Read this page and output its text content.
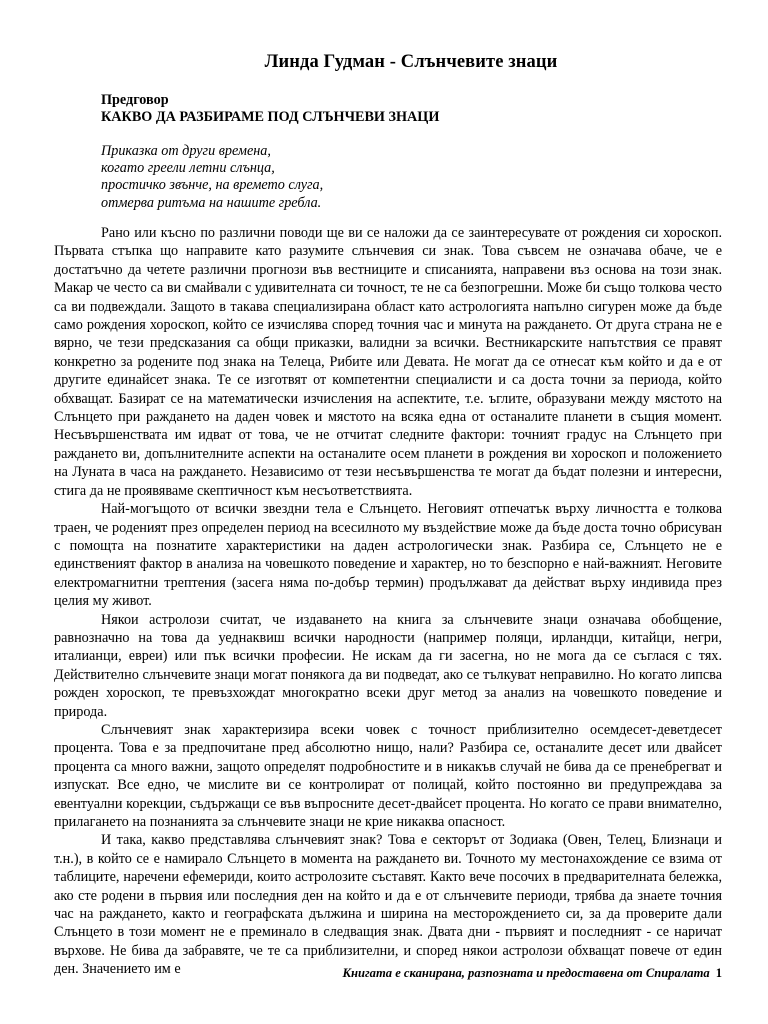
Линда Гудман - Слънчевите знаци
Предговор
КАКВО ДА РАЗБИРАМЕ ПОД СЛЪНЧЕВИ ЗНАЦИ
Приказка от други времена,
когато греели летни слънца,
простичко звънче, на времето слуга,
отмерва ритъма на нашите гребла.

Рано или късно по различни поводи ще ви се наложи да се заинтересувате от рождения си хороскоп. Първата стъпка що направите като разумите слънчевия си знак. Това съвсем не означава обаче, че е достатъчно да четете различни прогнози във вестниците и списанията, направени въз основа на този знак. Макар че често са ви смайвали с удивителната си точност, те не са безпогрешни. Може би също толкова често са ви подвеждали. Защото в такава специализирана област като астрологията напълно сигурен може да бъде само рождения хороскоп, който се изчислява според точния час и минута на раждането. От друга страна не е вярно, че тези предсказания са общи приказки, валидни за всички. Вестникарските напътствия се правят конкретно за родените под знака на Телеца, Рибите или Девата. Не могат да се отнесат към който и да е от другите единайсет знака. Те се изготвят от компетентни специалисти и са доста точни за периода, който обхващат. Базират се на математически изчисления на аспектите, т.е. ъглите, образувани между мястото на Слънцето при раждането на даден човек и мястото на всяка една от останалите планети в същия момент. Несъвършенствата им идват от това, че не отчитат следните фактори: точният градус на Слънцето при раждането ви, допълнителните аспекти на останалите осем планети в рождения ви хороскоп и положението на Луната в часа на раждането. Независимо от тези несъвършенства те могат да бъдат полезни и интересни, стига да не проявяваме скептичност към несъответствията.

Най-могъщото от всички звездни тела е Слънцето. Неговият отпечатък върху личността е толкова траен, че роденият през определен период на всесилното му въздействие може да бъде доста точно обрисуван с помощта на познатите характеристики на даден астрологически знак. Разбира се, Слънцето не е единственият фактор в анализа на човешкото поведение и характер, но то безспорно е най-важният. Неговите електромагнитни трептения (засега няма по-добър термин) продължават да действат върху индивида през целия му живот.

Някои астролози считат, че издаването на книга за слънчевите знаци означава обобщение, равнозначно на това да уеднаквиш всички народности (например поляци, ирландци, китайци, негри, италианци, евреи) или пък всички професии. Не искам да ги засегна, но не мога да се съглася с тях. Действително слънчевите знаци могат понякога да ви подведат, ако се тълкуват неправилно. Но когато липсва рожден хороскоп, те превъзхождат многократно всеки друг метод за анализ на човешкото поведение и природа.

Слънчевият знак характеризира всеки човек с точност приблизително осемдесет-деветдесет процента. Това е за предпочитане пред абсолютно нищо, нали? Разбира се, останалите десет или двайсет процента са много важни, защото определят подробностите и в никакъв случай не бива да се пренебрегват и изпускат. Все едно, че мислите ви се контролират от полицай, който постоянно ви предупреждава за евентуални корекции, съдържащи се във въпросните десет-двайсет процента. Но когато се прави внимателно, прилагането на познанията за слънчевите знаци не крие никаква опасност.

И така, какво представлява слънчевият знак? Това е секторът от Зодиака (Овен, Телец, Близнаци и т.н.), в който се е намирало Слънцето в момента на раждането ви. Точното му местонахождение се взима от таблиците, наречени ефемериди, които астролозите съставят. Както вече посочих в предварителната бележка, ако сте родени в първия или последния ден на който и да е от слънчевите периоди, трябва да знаете точния час на раждането, както и географската дължина и ширина на месторождението си, за да проверите дали Слънцето в този момент не е преминало в следващия знак. Двата дни - първият и последният - се наричат върхове. Не бива да забравяте, че те са приблизителни, и според някои астролози обхващат повече от един ден. Значението им е	Книгата е сканирана, разпозната и предоставена от Спиралата 1
